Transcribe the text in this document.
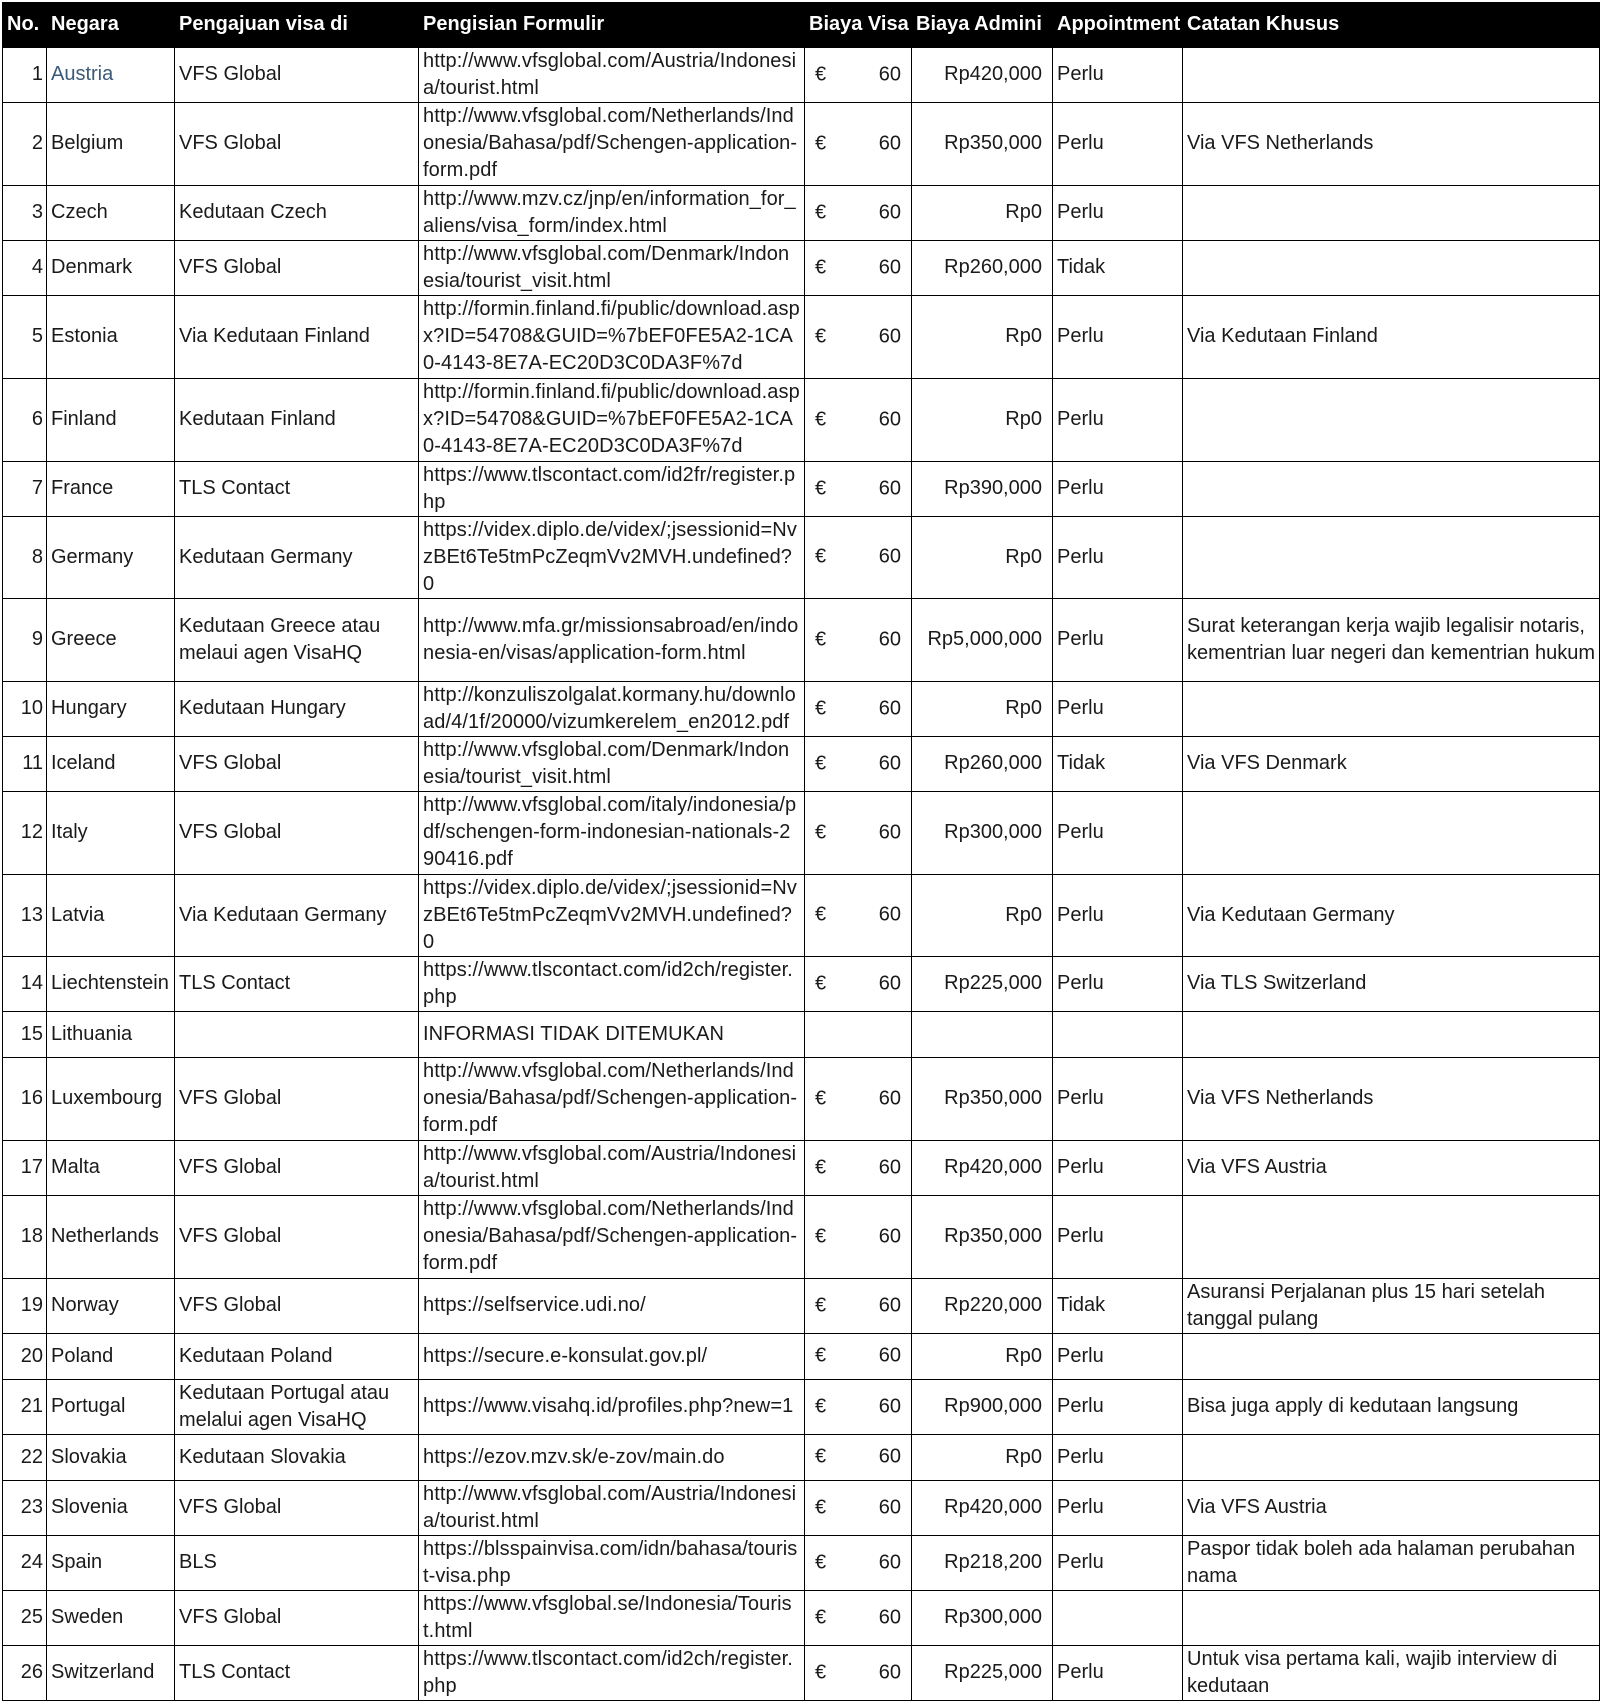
No.	Negara	Pengajuan visa di	Pengisian Formulir	Biaya Visa	Biaya Admini	Appointment	Catatan Khusus
1	Austria	VFS Global	http://www.vfsglobal.com/Austria/Indonesia/tourist.html	€ 60	Rp420,000	Perlu	
2	Belgium	VFS Global	http://www.vfsglobal.com/Netherlands/Indonesia/Bahasa/pdf/Schengen-application-form.pdf	€ 60	Rp350,000	Perlu	Via VFS Netherlands
3	Czech	Kedutaan Czech	http://www.mzv.cz/jnp/en/information_for_aliens/visa_form/index.html	€ 60	Rp0	Perlu	
4	Denmark	VFS Global	http://www.vfsglobal.com/Denmark/Indonesia/tourist_visit.html	€ 60	Rp260,000	Tidak	
5	Estonia	Via Kedutaan Finland	http://formin.finland.fi/public/download.aspx?ID=54708&GUID=%7bEF0FE5A2-1CA0-4143-8E7A-EC20D3C0DA3F%7d	€ 60	Rp0	Perlu	Via Kedutaan Finland
6	Finland	Kedutaan Finland	http://formin.finland.fi/public/download.aspx?ID=54708&GUID=%7bEF0FE5A2-1CA0-4143-8E7A-EC20D3C0DA3F%7d	€ 60	Rp0	Perlu	
7	France	TLS Contact	https://www.tlscontact.com/id2fr/register.php	€ 60	Rp390,000	Perlu	
8	Germany	Kedutaan Germany	https://videx.diplo.de/videx/;jsessionid=NvzBEt6Te5tmPcZeqmVv2MVH.undefined?0	€ 60	Rp0	Perlu	
9	Greece	Kedutaan Greece atau melaui agen VisaHQ	http://www.mfa.gr/missionsabroad/en/indonesia-en/visas/application-form.html	€ 60	Rp5,000,000	Perlu	Surat keterangan kerja wajib legalisir notaris, kementrian luar negeri dan kementrian hukum
10	Hungary	Kedutaan Hungary	http://konzuliszolgalat.kormany.hu/download/4/1f/20000/vizumkerelem_en2012.pdf	€ 60	Rp0	Perlu	
11	Iceland	VFS Global	http://www.vfsglobal.com/Denmark/Indonesia/tourist_visit.html	€ 60	Rp260,000	Tidak	Via VFS Denmark
12	Italy	VFS Global	http://www.vfsglobal.com/italy/indonesia/pdf/schengen-form-indonesian-nationals-290416.pdf	€ 60	Rp300,000	Perlu	
13	Latvia	Via Kedutaan Germany	https://videx.diplo.de/videx/;jsessionid=NvzBEt6Te5tmPcZeqmVv2MVH.undefined?0	€ 60	Rp0	Perlu	Via Kedutaan Germany
14	Liechtenstein	TLS Contact	https://www.tlscontact.com/id2ch/register.php	€ 60	Rp225,000	Perlu	Via TLS Switzerland
15	Lithuania		INFORMASI TIDAK DITEMUKAN				
16	Luxembourg	VFS Global	http://www.vfsglobal.com/Netherlands/Indonesia/Bahasa/pdf/Schengen-application-form.pdf	€ 60	Rp350,000	Perlu	Via VFS Netherlands
17	Malta	VFS Global	http://www.vfsglobal.com/Austria/Indonesia/tourist.html	€ 60	Rp420,000	Perlu	Via VFS Austria
18	Netherlands	VFS Global	http://www.vfsglobal.com/Netherlands/Indonesia/Bahasa/pdf/Schengen-application-form.pdf	€ 60	Rp350,000	Perlu	
19	Norway	VFS Global	https://selfservice.udi.no/	€ 60	Rp220,000	Tidak	Asuransi Perjalanan plus 15 hari setelah tanggal pulang
20	Poland	Kedutaan Poland	https://secure.e-konsulat.gov.pl/	€ 60	Rp0	Perlu	
21	Portugal	Kedutaan Portugal atau melalui agen VisaHQ	https://www.visahq.id/profiles.php?new=1	€ 60	Rp900,000	Perlu	Bisa juga apply di kedutaan langsung
22	Slovakia	Kedutaan Slovakia	https://ezov.mzv.sk/e-zov/main.do	€ 60	Rp0	Perlu	
23	Slovenia	VFS Global	http://www.vfsglobal.com/Austria/Indonesia/tourist.html	€ 60	Rp420,000	Perlu	Via VFS Austria
24	Spain	BLS	https://blsspainvisa.com/idn/bahasa/tourist-visa.php	€ 60	Rp218,200	Perlu	Paspor tidak boleh ada halaman perubahan nama
25	Sweden	VFS Global	https://www.vfsglobal.se/Indonesia/Tourist.html	€ 60	Rp300,000		
26	Switzerland	TLS Contact	https://www.tlscontact.com/id2ch/register.php	€ 60	Rp225,000	Perlu	Untuk visa pertama kali, wajib interview di kedutaan
